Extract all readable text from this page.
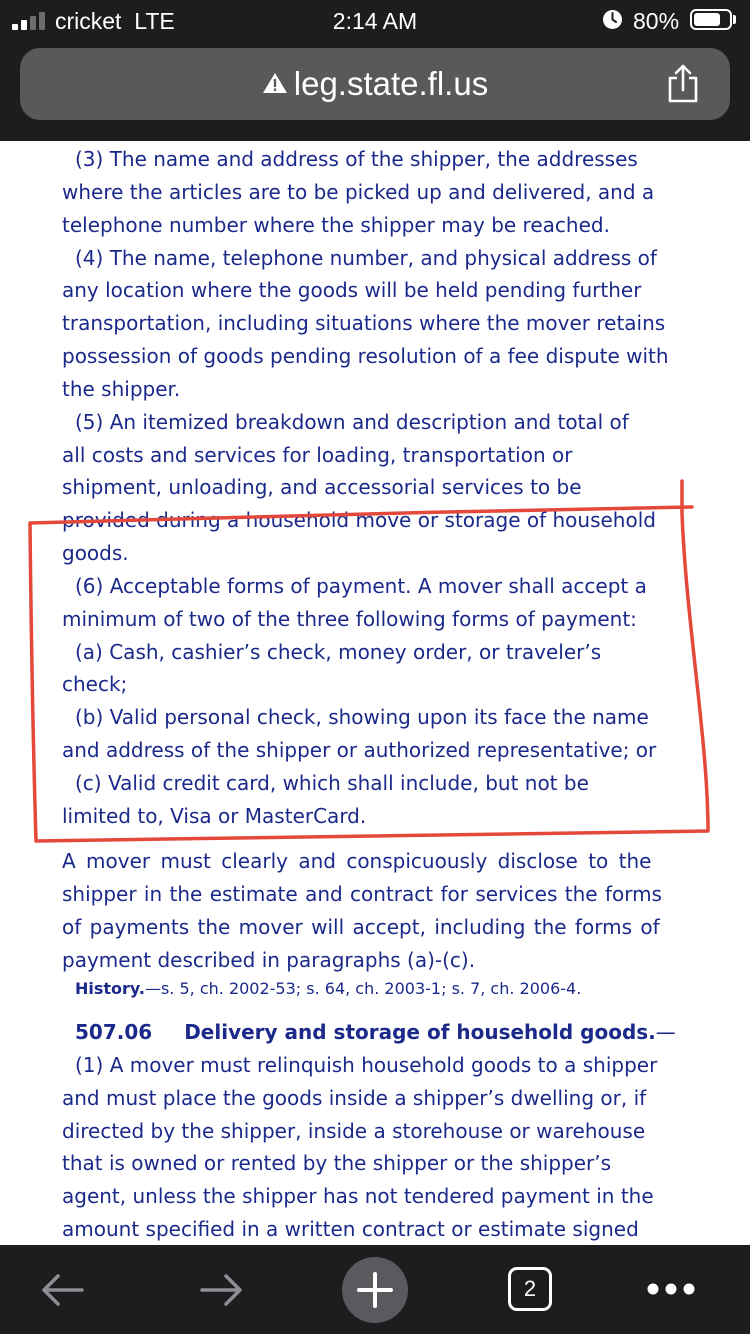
cricket LTE	2:14 AM	80%
leg.state.fl.us
(3) The name and address of the shipper, the addresses
where the articles are to be picked up and delivered, and a
telephone number where the shipper may be reached.
(4) The name, telephone number, and physical address of
any location where the goods will be held pending further
transportation, including situations where the mover retains
possession of goods pending resolution of a fee dispute with
the shipper.
(5) An itemized breakdown and description and total of
all costs and services for loading, transportation or
shipment, unloading, and accessorial services to be
provided during a household move or storage of household
goods.
(6) Acceptable forms of payment. A mover shall accept a
minimum of two of the three following forms of payment:
(a) Cash, cashier’s check, money order, or traveler’s
check;
(b) Valid personal check, showing upon its face the name
and address of the shipper or authorized representative; or
(c) Valid credit card, which shall include, but not be
limited to, Visa or MasterCard.
A mover must clearly and conspicuously disclose to the
shipper in the estimate and contract for services the forms
of payments the mover will accept, including the forms of
payment described in paragraphs (a)-(c).
History.—s. 5, ch. 2002-53; s. 64, ch. 2003-1; s. 7, ch. 2006-4.
507.06 Delivery and storage of household goods.—
(1) A mover must relinquish household goods to a shipper
and must place the goods inside a shipper’s dwelling or, if
directed by the shipper, inside a storehouse or warehouse
that is owned or rented by the shipper or the shipper’s
agent, unless the shipper has not tendered payment in the
amount specified in a written contract or estimate signed
2
